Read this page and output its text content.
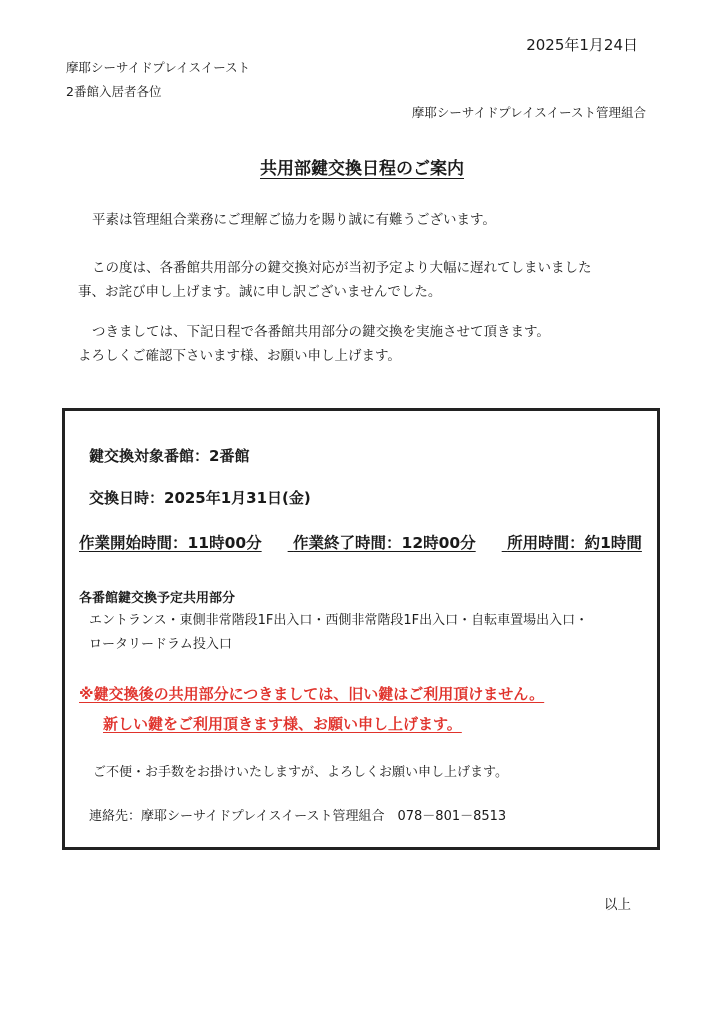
2025年1月24日
摩耶シーサイドプレイスイースト
2番館入居者各位
摩耶シーサイドプレイスイースト管理組合
共用部鍵交換日程のご案内
平素は管理組合業務にご理解ご協力を賜り誠に有難うございます。
この度は、各番館共用部分の鍵交換対応が当初予定より大幅に遅れてしまいました
事、お詫び申し上げます。誠に申し訳ございませんでした。
つきましては、下記日程で各番館共用部分の鍵交換を実施させて頂きます。
よろしくご確認下さいます様、お願い申し上げます。
鍵交換対象番館：2番館
交換日時：2025年1月31日(金)
作業開始時間：11時00分 作業終了時間：12時00分 所用時間：約1時間
各番館鍵交換予定共用部分
エントランス・東側非常階段1F出入口・西側非常階段1F出入口・自転車置場出入口・
ロータリードラム投入口
※鍵交換後の共用部分につきましては、旧い鍵はご利用頂けません。
新しい鍵をご利用頂きます様、お願い申し上げます。
ご不便・お手数をお掛けいたしますが、よろしくお願い申し上げます。
連絡先：摩耶シーサイドプレイスイースト管理組合　078－801－8513
以上
